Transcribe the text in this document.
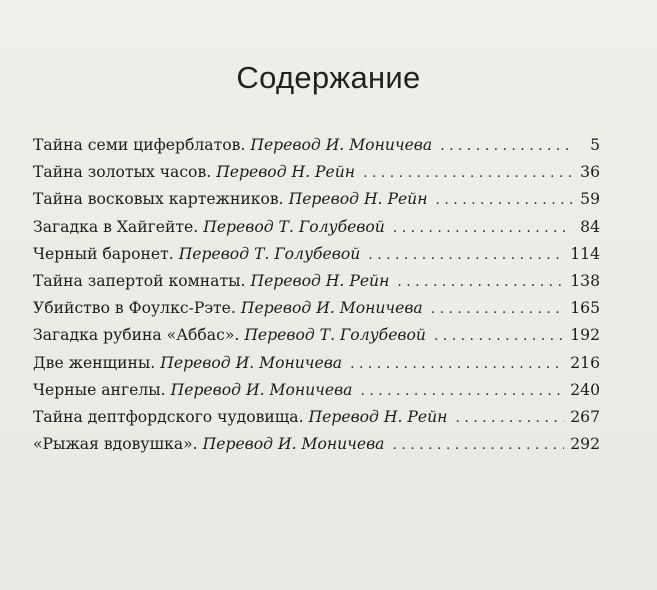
Содержание
Тайна семи циферблатов. Перевод И. Моничева . . .	5
Тайна золотых часов. Перевод Н. Рейн . . .	36
Тайна восковых картежников. Перевод Н. Рейн . . .	59
Загадка в Хайгейте. Перевод Т. Голубевой . . .	84
Черный баронет. Перевод Т. Голубевой . . .	114
Тайна запертой комнаты. Перевод Н. Рейн . . .	138
Убийство в Фоулкс-Рэте. Перевод И. Моничева . . .	165
Загадка рубина «Аббас». Перевод Т. Голубевой . . .	192
Две женщины. Перевод И. Моничева . . .	216
Черные ангелы. Перевод И. Моничева . . .	240
Тайна дептфордского чудовища. Перевод Н. Рейн . . .	267
«Рыжая вдовушка». Перевод И. Моничева . . .	292
